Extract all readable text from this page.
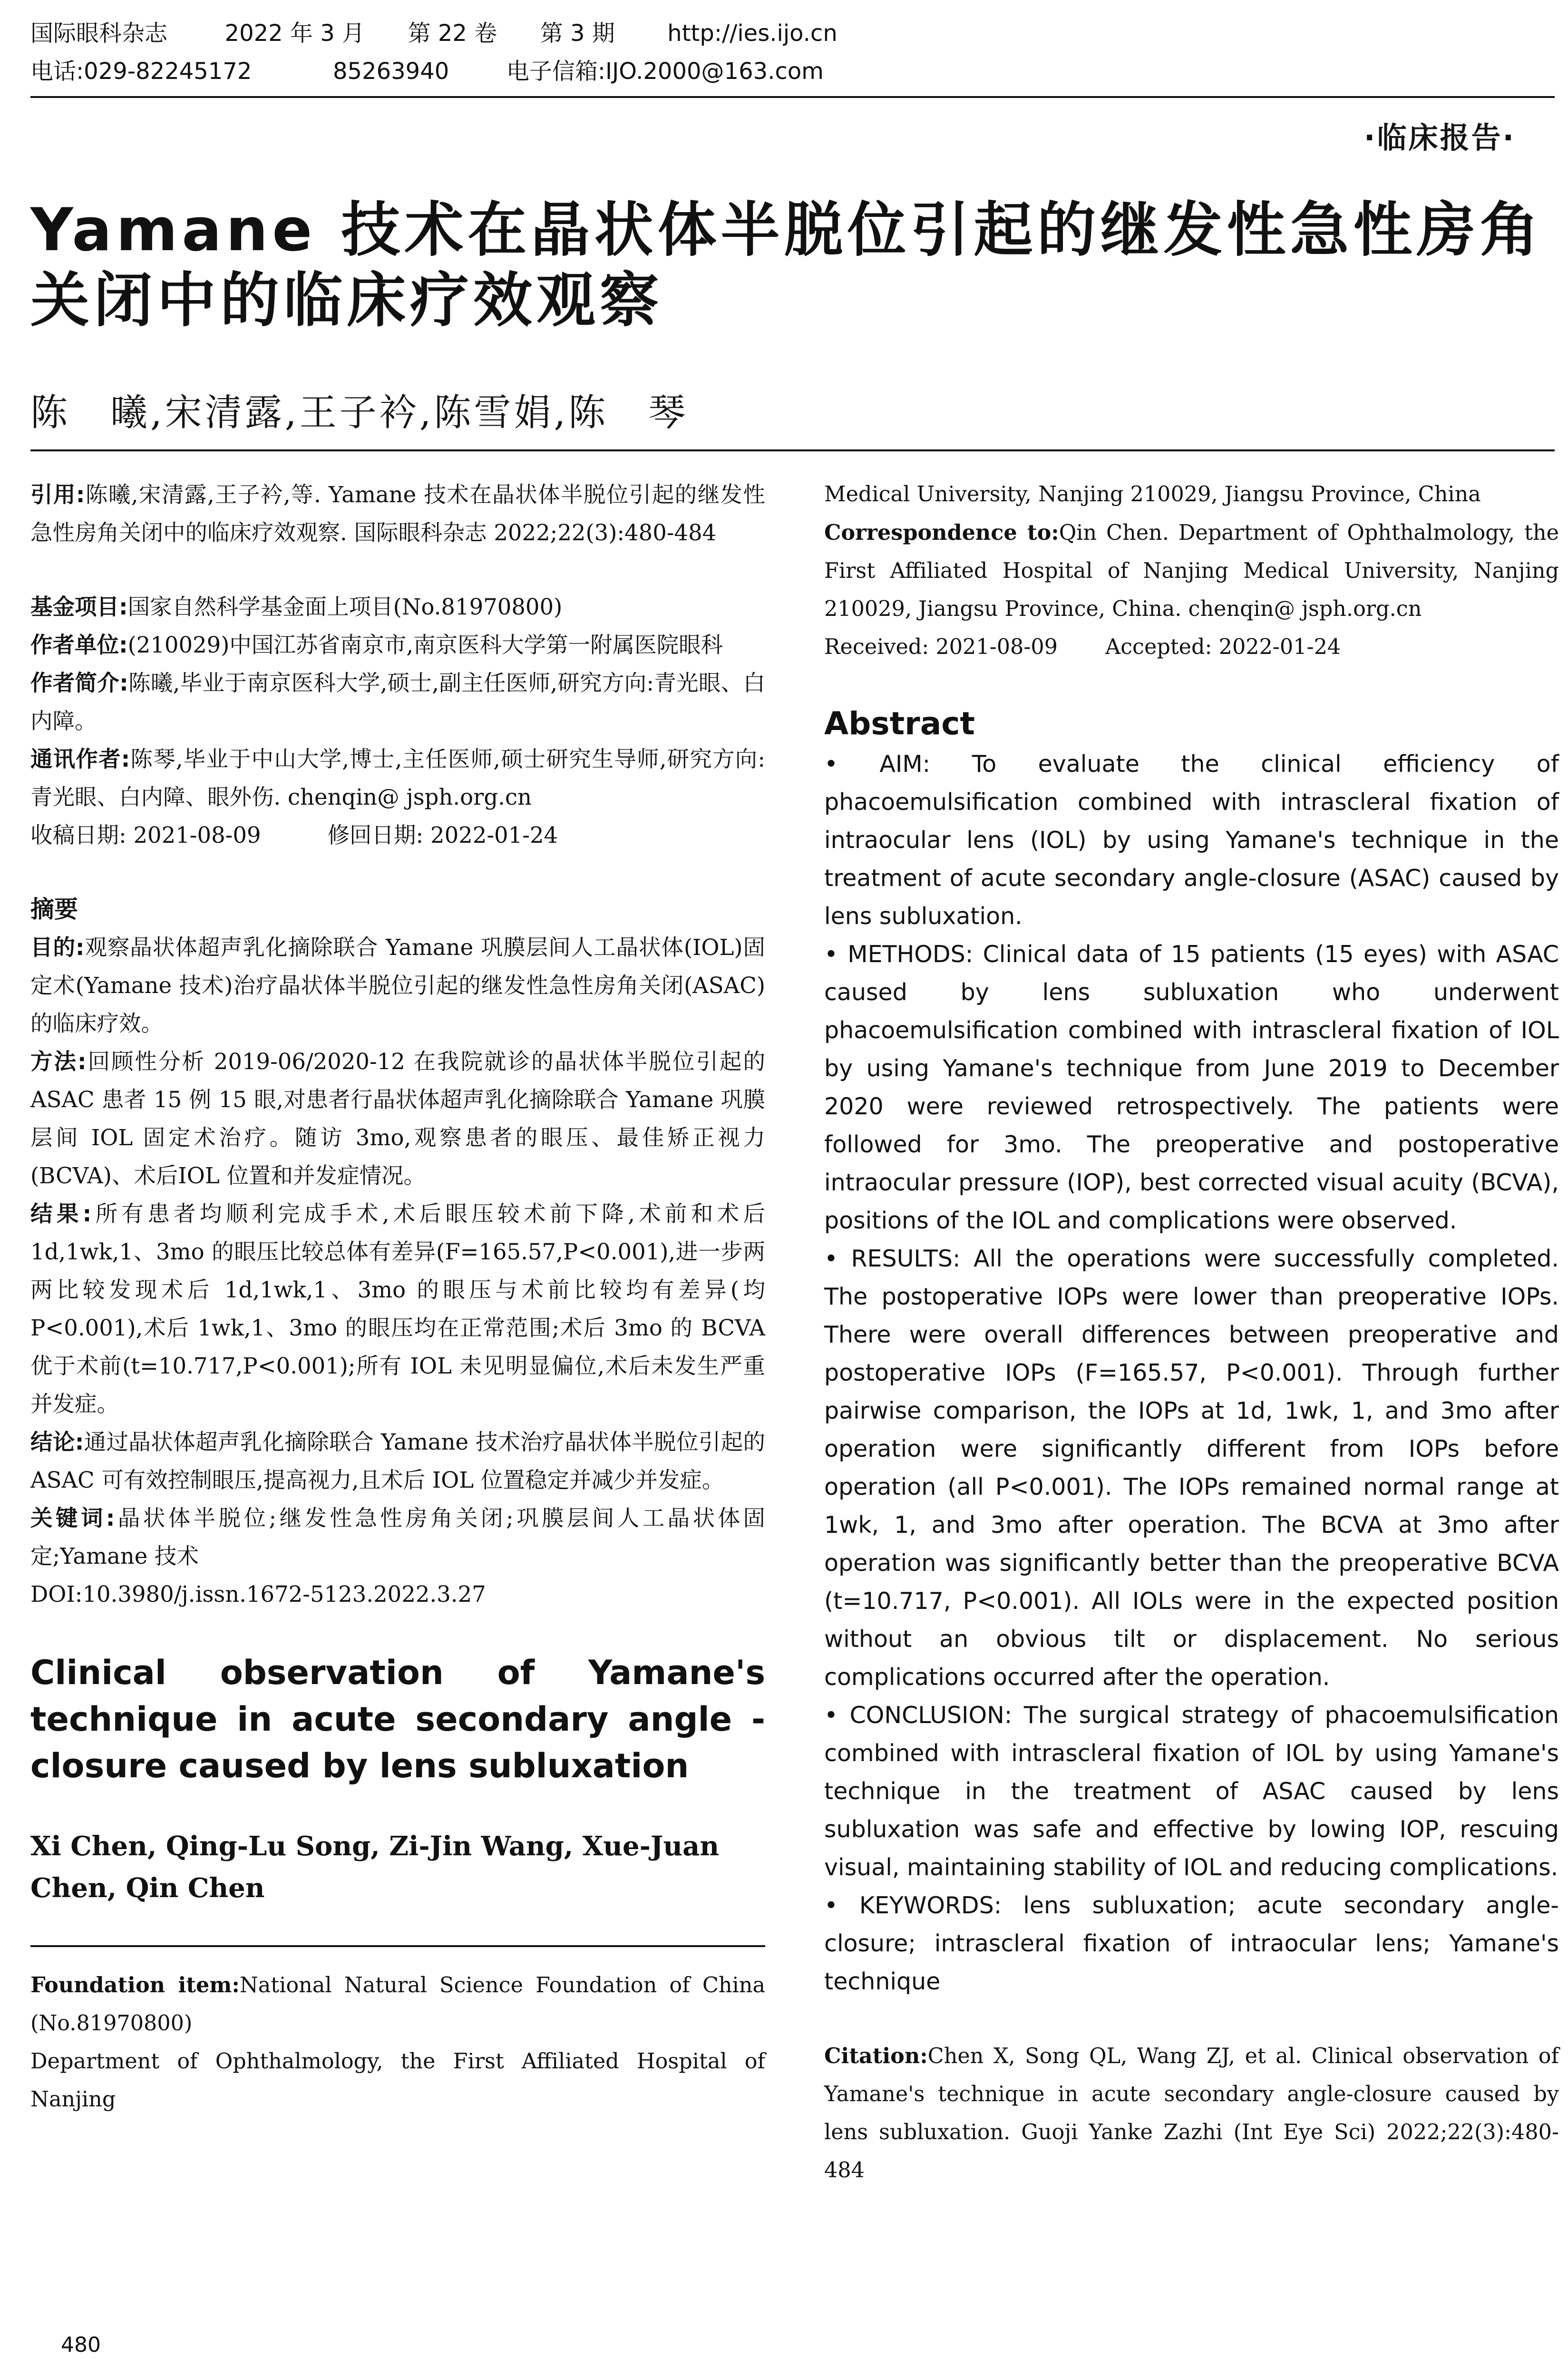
国际眼科杂志	2022 年 3 月 第 22 卷 第 3 期 http://ies.ijo.cn
电话:029-82245172	85263940	电子信箱:IJO.2000@163.com
·临床报告·
Yamane 技术在晶状体半脱位引起的继发性急性房角关闭中的临床疗效观察
陈　曦,宋清露,王子衿,陈雪娟,陈　琴

引用:陈曦,宋清露,王子衿,等. Yamane 技术在晶状体半脱位引起的继发性急性房角关闭中的临床疗效观察. 国际眼科杂志 2022;22(3):480-484

基金项目:国家自然科学基金面上项目(No.81970800)

作者单位:(210029)中国江苏省南京市,南京医科大学第一附属医院眼科

作者简介:陈曦,毕业于南京医科大学,硕士,副主任医师,研究方向:青光眼、白内障。

通讯作者:陈琴,毕业于中山大学,博士,主任医师,硕士研究生导师,研究方向:青光眼、白内障、眼外伤. chenqin@ jsph.org.cn

收稿日期: 2021-08-09	修回日期: 2022-01-24

摘要

目的:观察晶状体超声乳化摘除联合 Yamane 巩膜层间人工晶状体(IOL)固定术(Yamane 技术)治疗晶状体半脱位引起的继发性急性房角关闭(ASAC)的临床疗效。

方法:回顾性分析 2019-06/2020-12 在我院就诊的晶状体半脱位引起的 ASAC 患者 15 例 15 眼,对患者行晶状体超声乳化摘除联合 Yamane 巩膜层间 IOL 固定术治疗。随访 3mo,观察患者的眼压、最佳矫正视力(BCVA)、术后IOL 位置和并发症情况。

结果:所有患者均顺利完成手术,术后眼压较术前下降,术前和术后 1d,1wk,1、3mo 的眼压比较总体有差异(F=165.57,P<0.001),进一步两两比较发现术后 1d,1wk,1、3mo 的眼压与术前比较均有差异(均 P<0.001),术后 1wk,1、3mo 的眼压均在正常范围;术后 3mo 的 BCVA 优于术前(t=10.717,P<0.001);所有 IOL 未见明显偏位,术后未发生严重并发症。

结论:通过晶状体超声乳化摘除联合 Yamane 技术治疗晶状体半脱位引起的 ASAC 可有效控制眼压,提高视力,且术后 IOL 位置稳定并减少并发症。

关键词:晶状体半脱位;继发性急性房角关闭;巩膜层间人工晶状体固定;Yamane 技术

DOI:10.3980/j.issn.1672-5123.2022.3.27

Clinical observation of Yamane's technique in acute secondary angle - closure caused by lens subluxation

Xi Chen, Qing-Lu Song, Zi-Jin Wang, Xue-Juan Chen, Qin Chen

Foundation item:National Natural Science Foundation of China (No.81970800)

Department of Ophthalmology, the First Affiliated Hospital of Nanjing

Medical University, Nanjing 210029, Jiangsu Province, China

Correspondence to:Qin Chen. Department of Ophthalmology, the First Affiliated Hospital of Nanjing Medical University, Nanjing 210029, Jiangsu Province, China. chenqin@ jsph.org.cn

Received: 2021-08-09 Accepted: 2022-01-24

Abstract

• AIM: To evaluate the clinical efficiency of phacoemulsification combined with intrascleral fixation of intraocular lens (IOL) by using Yamane's technique in the treatment of acute secondary angle-closure (ASAC) caused by lens subluxation.

• METHODS: Clinical data of 15 patients (15 eyes) with ASAC caused by lens subluxation who underwent phacoemulsification combined with intrascleral fixation of IOL by using Yamane's technique from June 2019 to December 2020 were reviewed retrospectively. The patients were followed for 3mo. The preoperative and postoperative intraocular pressure (IOP), best corrected visual acuity (BCVA), positions of the IOL and complications were observed.

• RESULTS: All the operations were successfully completed. The postoperative IOPs were lower than preoperative IOPs. There were overall differences between preoperative and postoperative IOPs (F=165.57, P<0.001). Through further pairwise comparison, the IOPs at 1d, 1wk, 1, and 3mo after operation were significantly different from IOPs before operation (all P<0.001). The IOPs remained normal range at 1wk, 1, and 3mo after operation. The BCVA at 3mo after operation was significantly better than the preoperative BCVA (t=10.717, P<0.001). All IOLs were in the expected position without an obvious tilt or displacement. No serious complications occurred after the operation.

• CONCLUSION: The surgical strategy of phacoemulsification combined with intrascleral fixation of IOL by using Yamane's technique in the treatment of ASAC caused by lens subluxation was safe and effective by lowing IOP, rescuing visual, maintaining stability of IOL and reducing complications.

• KEYWORDS: lens subluxation; acute secondary angle-closure; intrascleral fixation of intraocular lens; Yamane's technique

Citation:Chen X, Song QL, Wang ZJ, et al. Clinical observation of Yamane's technique in acute secondary angle-closure caused by lens subluxation. Guoji Yanke Zazhi (Int Eye Sci) 2022;22(3):480-484

480
